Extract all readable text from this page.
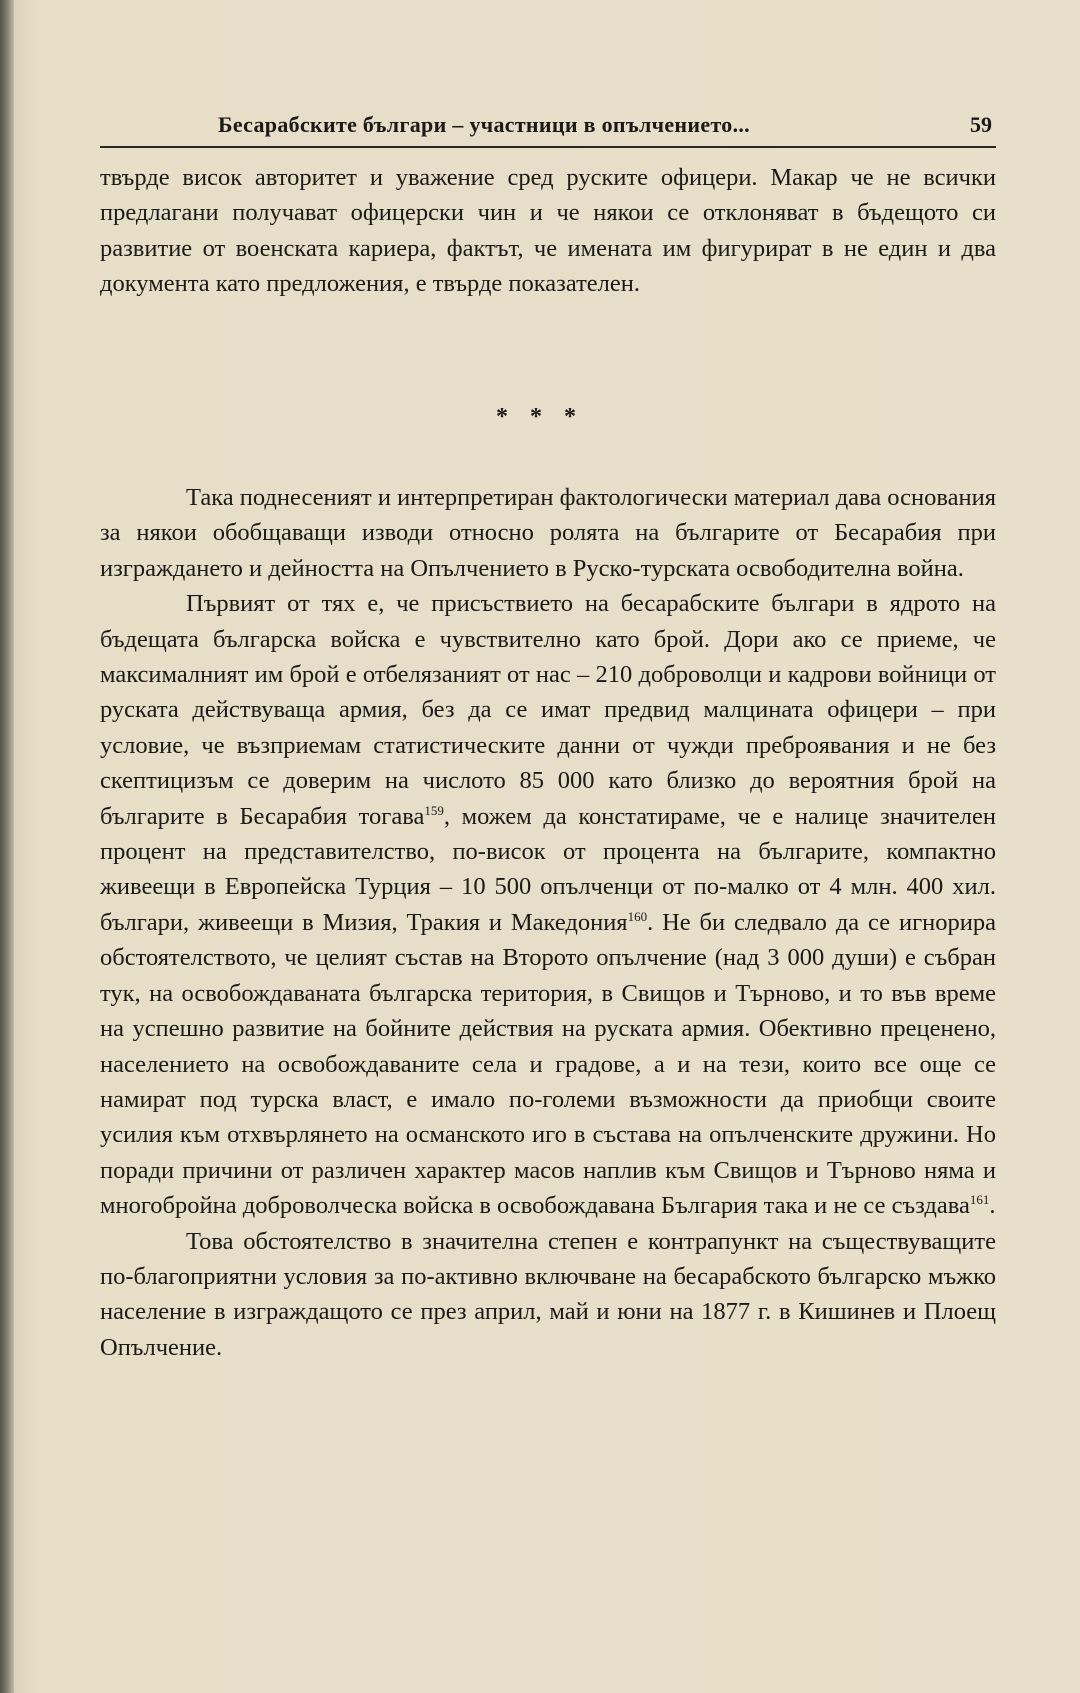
Бесарабските българи – участници в опълчението...	59

твърде висок авторитет и уважение сред руските офицери. Макар че не всички предлагани получават офицерски чин и че някои се отклоняват в бъдещото си развитие от военската кариера, фактът, че имената им фигурират в не един и два документа като предложения, е твърде показателен.

* * *

Така поднесеният и интерпретиран фактологически материал дава основания за някои обобщаващи изводи относно ролята на българите от Бесарабия при изграждането и дейността на Опълчението в Руско-турската освободителна война.

Първият от тях е, че присъствието на бесарабските българи в ядрото на бъдещата българска войска е чувствително като брой. Дори ако се приеме, че максималният им брой е отбелязаният от нас – 210 доброволци и кадрови войници от руската действуваща армия, без да се имат предвид малцината офицери – при условие, че възприемам статистическите данни от чужди преброявания и не без скептицизъм се доверим на числото 85 000 като близко до вероятния брой на българите в Бесарабия тогава$^{159}$, можем да констатираме, че е налице значителен процент на представителство, по-висок от процента на българите, компактно живеещи в Европейска Турция – 10 500 опълченци от по-малко от 4 млн. 400 хил. българи, живеещи в Мизия, Тракия и Македония$^{160}$. Не би следвало да се игнорира обстоятелството, че целият състав на Второто опълчение (над 3 000 души) е събран тук, на освобождаваната българска територия, в Свищов и Търново, и то във време на успешно развитие на бойните действия на руската армия. Обективно преценено, населението на освобождаваните села и градове, а и на тези, които все още се намират под турска власт, е имало по-големи възможности да приобщи своите усилия към отхвърлянето на османското иго в състава на опълченските дружини. Но поради причини от различен характер масов наплив към Свищов и Търново няма и многобройна доброволческа войска в освобождавана България така и не се създава$^{161}$.

Това обстоятелство в значителна степен е контрапункт на съществуващите по-благоприятни условия за по-активно включване на бесарабското българско мъжко население в изграждащото се през април, май и юни на 1877 г. в Кишинев и Плоещ Опълчение.
